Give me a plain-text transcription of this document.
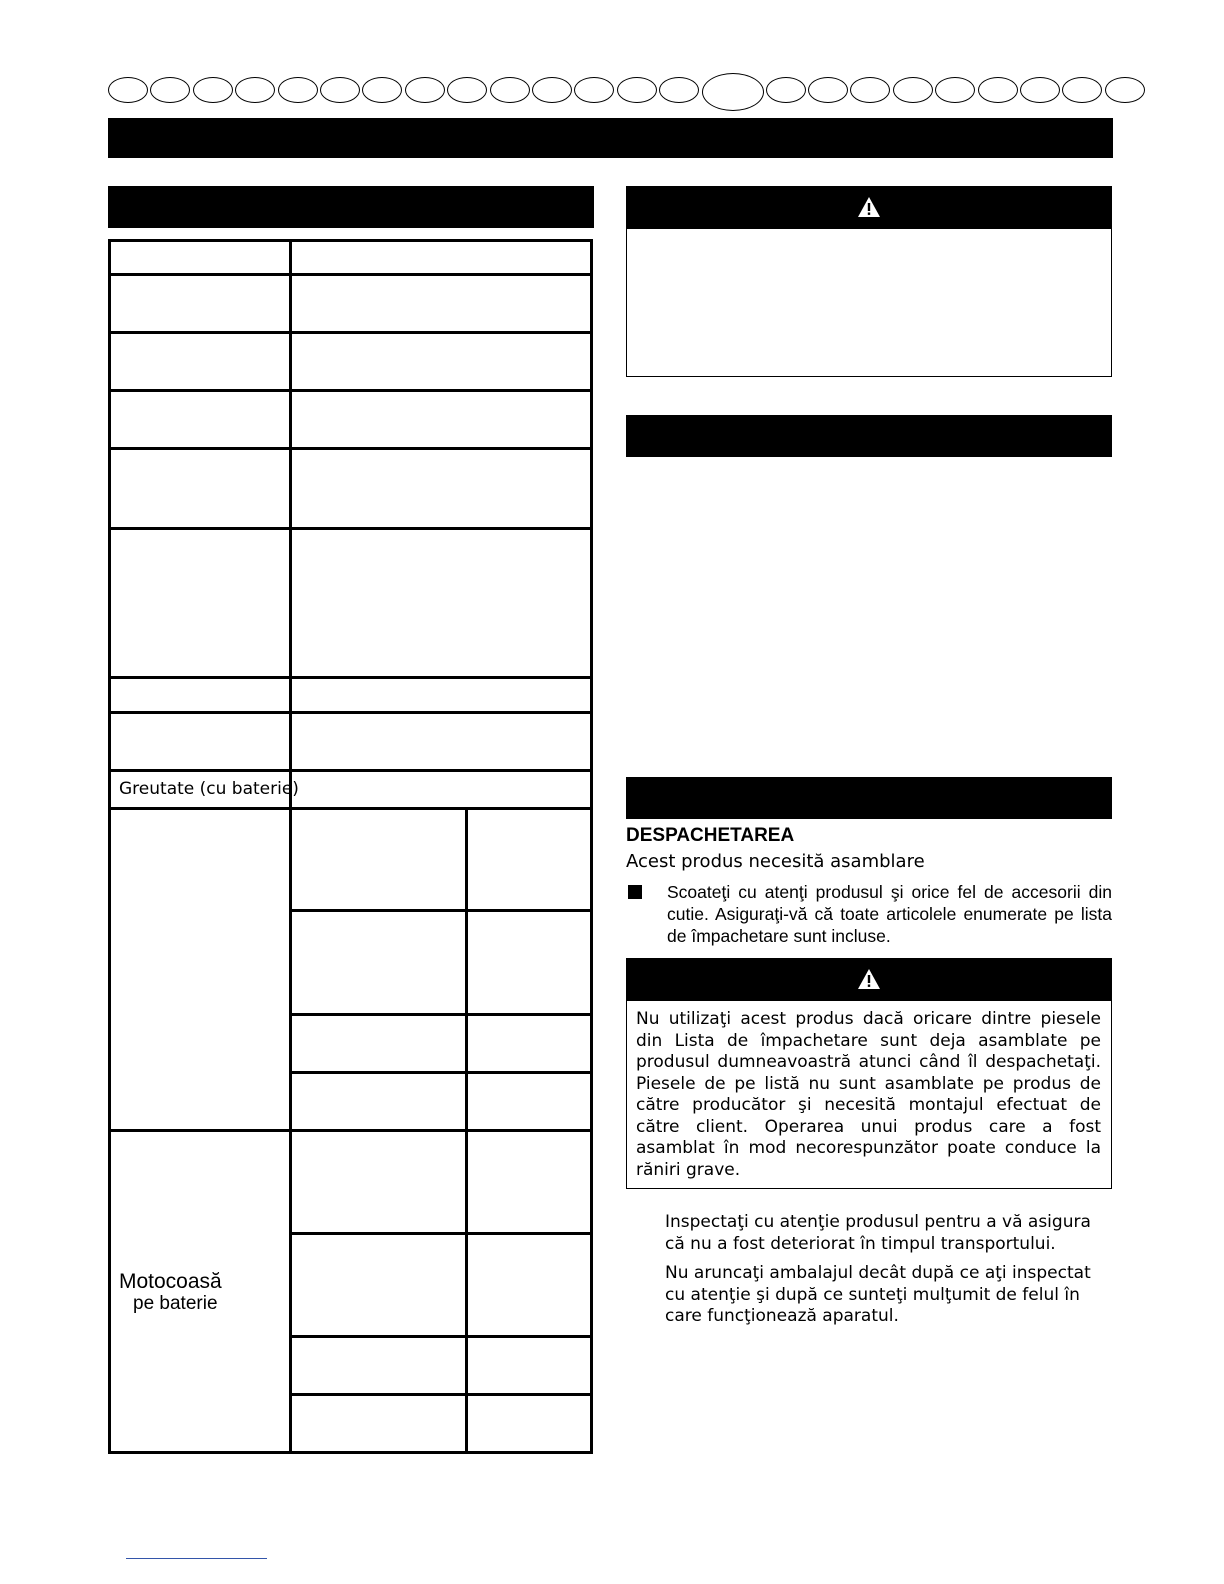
Greutate (cu baterie)
Motocoasă
pe baterie
DESPACHETAREA
Acest produs necesită asamblare
Scoateţi cu atenţi produsul şi orice fel de accesorii din cutie. Asiguraţi-vă că toate articolele enumerate pe lista de împachetare sunt incluse.
Nu utilizaţi acest produs dacă oricare dintre piesele din Lista de împachetare sunt deja asamblate pe produsul dumneavoastră atunci când îl despachetaţi. Piesele de pe listă nu sunt asamblate pe produs de către producător şi necesită montajul efectuat de către client. Operarea unui produs care a fost asamblat în mod necorespunzător poate conduce la răniri grave.

Inspectaţi cu atenţie produsul pentru a vă asigura că nu a fost deteriorat în timpul transportului.

Nu aruncaţi ambalajul decât după ce aţi inspectat cu atenţie şi după ce sunteţi mulţumit de felul în care funcţionează aparatul.
